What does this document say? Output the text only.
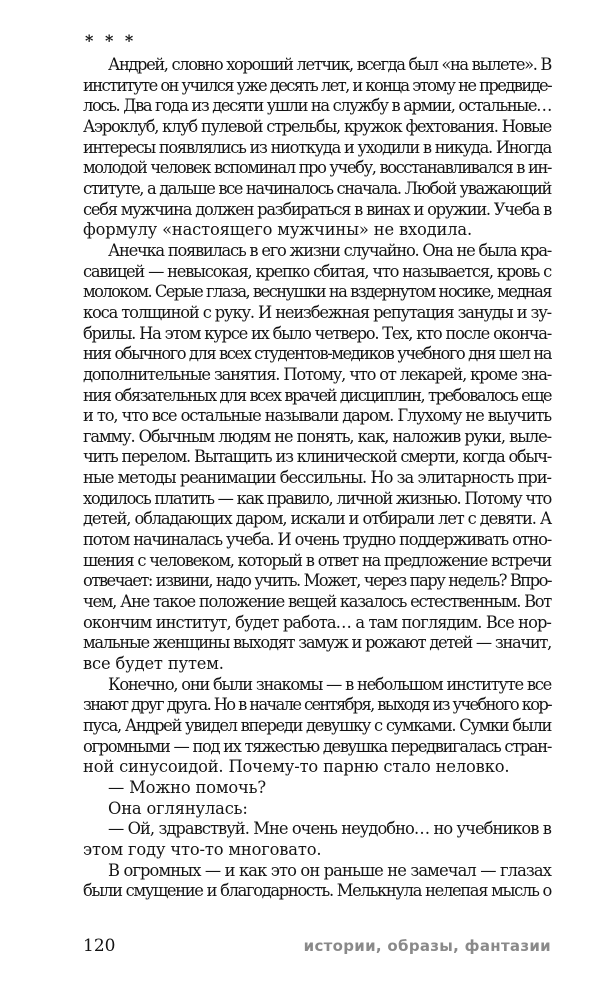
* * *
Андрей, словно хороший летчик, всегда был «на вылете». В
институте он учился уже десять лет, и конца этому не предвиде-
лось. Два года из десяти ушли на службу в армии, остальные…
Аэроклуб, клуб пулевой стрельбы, кружок фехтования. Новые
интересы появлялись из ниоткуда и уходили в никуда. Иногда
молодой человек вспоминал про учебу, восстанавливался в ин-
ституте, а дальше все начиналось сначала. Любой уважающий
себя мужчина должен разбираться в винах и оружии. Учеба в
формулу «настоящего мужчины» не входила.
Анечка появилась в его жизни случайно. Она не была кра-
савицей — невысокая, крепко сбитая, что называется, кровь с
молоком. Серые глаза, веснушки на вздернутом носике, медная
коса толщиной с руку. И неизбежная репутация зануды и зу-
брилы. На этом курсе их было четверо. Тех, кто после оконча-
ния обычного для всех студентов-медиков учебного дня шел на
дополнительные занятия. Потому, что от лекарей, кроме зна-
ния обязательных для всех врачей дисциплин, требовалось еще
и то, что все остальные называли даром. Глухому не выучить
гамму. Обычным людям не понять, как, наложив руки, выле-
чить перелом. Вытащить из клинической смерти, когда обыч-
ные методы реанимации бессильны. Но за элитарность при-
ходилось платить — как правило, личной жизнью. Потому что
детей, обладающих даром, искали и отбирали лет с девяти. А
потом начиналась учеба. И очень трудно поддерживать отно-
шения с человеком, который в ответ на предложение встречи
отвечает: извини, надо учить. Может, через пару недель? Впро-
чем, Ане такое положение вещей казалось естественным. Вот
окончим институт, будет работа… а там поглядим. Все нор-
мальные женщины выходят замуж и рожают детей — значит,
все будет путем.
Конечно, они были знакомы — в небольшом институте все
знают друг друга. Но в начале сентября, выходя из учебного кор-
пуса, Андрей увидел впереди девушку с сумками. Сумки были
огромными — под их тяжестью девушка передвигалась стран-
ной синусоидой. Почему-то парню стало неловко.
— Можно помочь?
Она оглянулась:
— Ой, здравствуй. Мне очень неудобно… но учебников в
этом году что-то многовато.
В огромных — и как это он раньше не замечал — глазах
были смущение и благодарность. Мелькнула нелепая мысль о
120	истории, образы, фантазии
